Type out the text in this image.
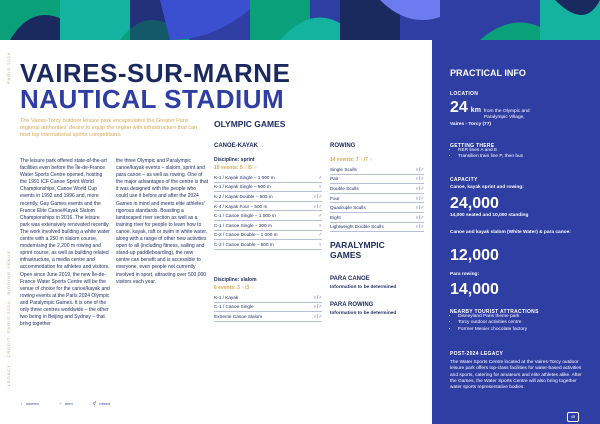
PARIS 2024
LEGACY · CREDIT: PARIS 2024 · BIDDING VENUE
VAIRES-SUR-MARNE
NAUTICAL STADIUM
The Vaires-Torcy outdoor leisure park encapsulates the Greater Paris regional authorities' desire to equip the region with infrastructure that can host top international sports competitions.
The leisure park offered state-of-the-art facilities even before the Île-de-France Water Sports Centre opened, hosting the 1991 ICF Canoe Sprint World Championships, Canoe World Cup events in 1992 and 1996 and, more recently, Gay Games events and the France Elite Canoe/Kayak Slalom Championships in 2016. The leisure park was extensively renovated recently. The work involved building a white water centre with a 250 m slalom course, modernising the 2,200 m rowing and sprint course, as well as building related infrastructure, a media centre and accommodation for athletes and visitors. Open since June 2019, the new Île-de-France Water Sports Centre will be the venue of choice for the canoe/kayak and rowing events at the Paris 2024 Olympic and Paralympic Games. It is one of the only three centres worldwide – the other two being in Beijing and Sydney – that bring together
the three Olympic and Paralympic canoe/kayak events – slalom, sprint and para canoe – as well as rowing. One of the major advantages of the centre is that it was designed with the people who could use it before and after the 2024 Games in mind and meets elite athletes' rigorous standards. Boasting a landscaped river section as well as a training river for people to learn how to canoe, kayak, raft or swim in white water, along with a range of other new activities open to all (including fitness, sailing and stand-up paddleboarding), the new centre can benefit and is accessible to everyone, even people not currently involved in sport, attracting over 500,000 visitors each year.
OLYMPIC GAMES
CANOE-KAYAK
Discipline: sprint
10 events: 5 ♀/5 ♂
K-1 / Kayak Single – 1 000 m	♂
K-1 / Kayak Single – 500 m	♀
K-2 / Kayak Double – 500 m	♀/♂
K-4 / Kayak Four – 500 m	♀/♂
C-1 / Canoe Single – 1 000 m	♂
C-1 / Canoe Single – 200 m	♀
C-2 / Canoe Double – 1 000 m	♂
C-2 / Canoe Double – 500 m	♀
Discipline: slalom
6 events: 3 ♀/3 ♂
K-1 / Kayak	♀/♂
C-1 / Canoe Single	♀/♂
Extreme Canoe Slalom	♀/♂
ROWING
14 events: 7 ♀/7 ♂
Single Sculls	♀/♂
Pair	♀/♂
Double Sculls	♀/♂
Four	♀/♂
Quadruple Sculls	♀/♂
Eight	♀/♂
Lightweight Double Sculls	♀/♂
PARALYMPIC
GAMES
PARA CANOE
Information to be determined
PARA ROWING
Information to be determined
♀ women	♂ men	⚥ mixed
PRACTICAL INFO
LOCATION
24 km from the Olympic and Paralympic Village,
Vaires - Torcy (77)
GETTING THERE
• RER lines A and E
• Transilien train line P, then bus
CAPACITY
Canoe, kayak sprint and rowing:
24,000
14,000 seated and 10,000 standing
Canoe and kayak slalom (White Water) & para canoe:
12,000
Para rowing:
14,000
NEARBY TOURIST ATTRACTIONS
• Disneyland Paris theme park
• Torcy outdoor activities centre
• Former Menier chocolate factory
POST-2024 LEGACY
The Water Sports Centre located at the Vaires-Torcy outdoor leisure park offers top-class facilities for water-based activities and sports, catering for amateurs and elite athletes alike. After the Games, the Water Sports Centre will also bring together water sports representative bodies.
45
